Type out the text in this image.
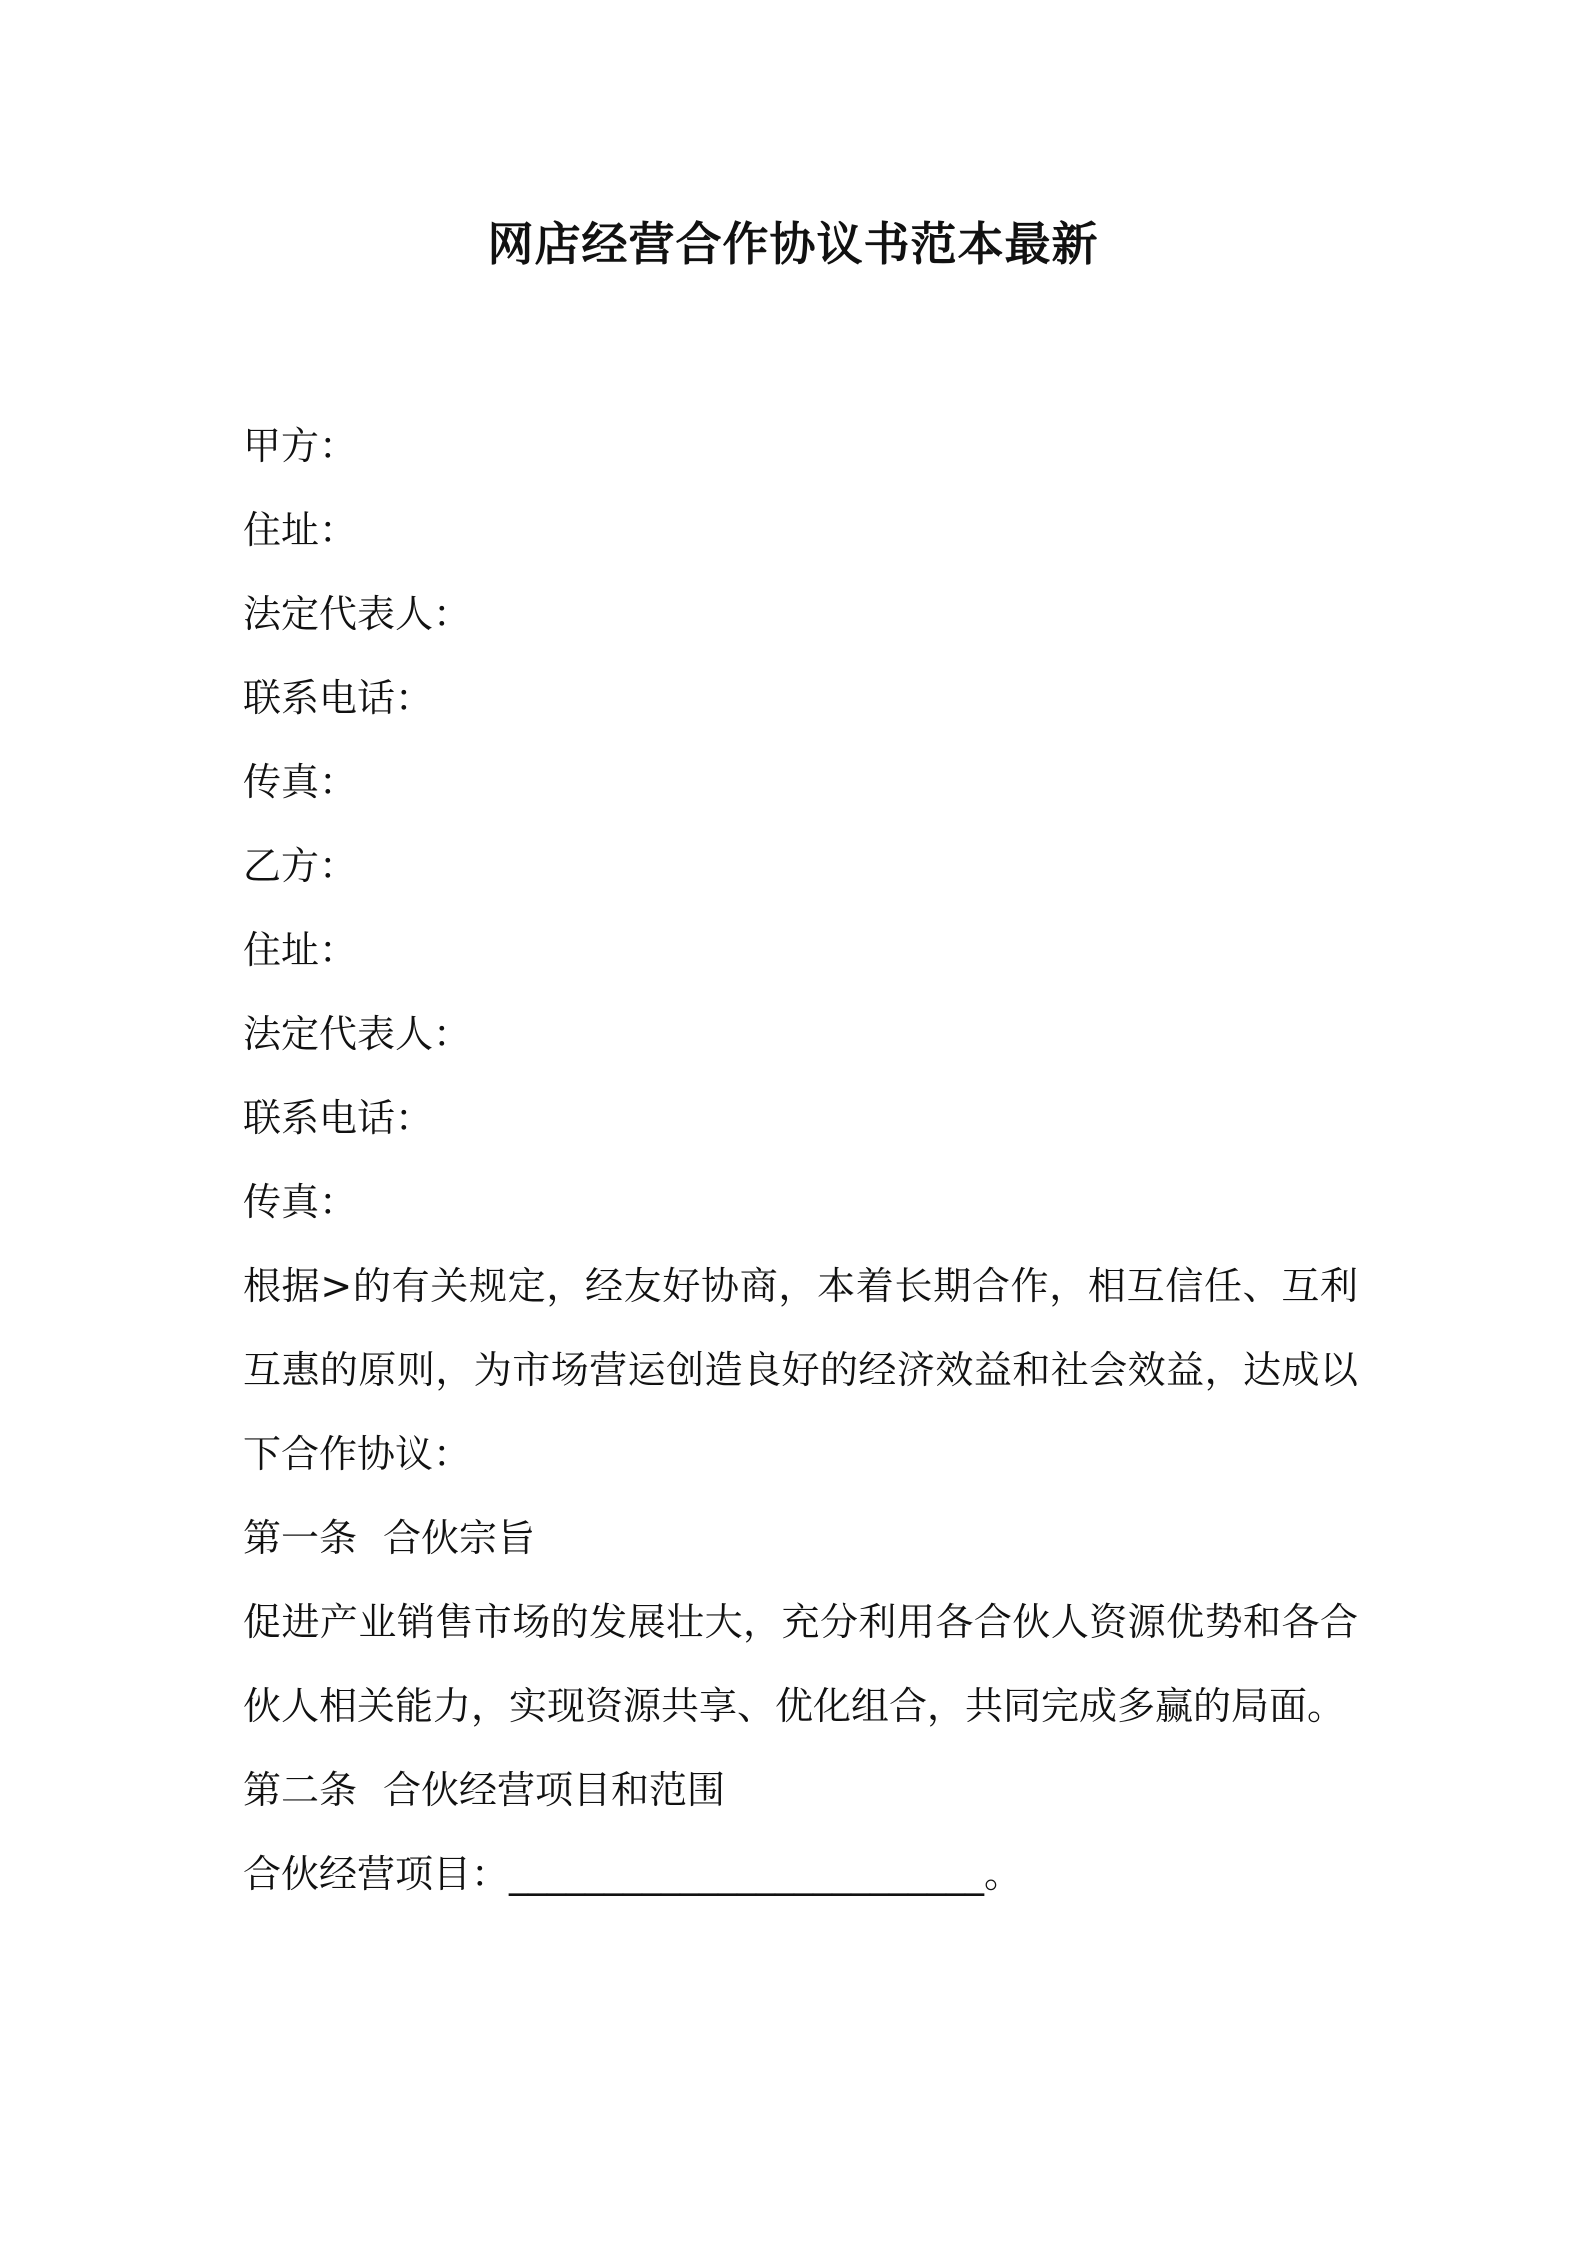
网店经营合作协议书范本最新
甲方：
住址：
法定代表人：
联系电话：
传真：
乙方：
住址：
法定代表人：
联系电话：
传真：
根据>的有关规定，经友好协商，本着长期合作，相互信任、互利互惠的原则，为市场营运创造良好的经济效益和社会效益，达成以下合作协议：
第一条 合伙宗旨
促进产业销售市场的发展壮大，充分利用各合伙人资源优势和各合伙人相关能力，实现资源共享、优化组合，共同完成多赢的局面。
第二条 合伙经营项目和范围
合伙经营项目：_________________________。
